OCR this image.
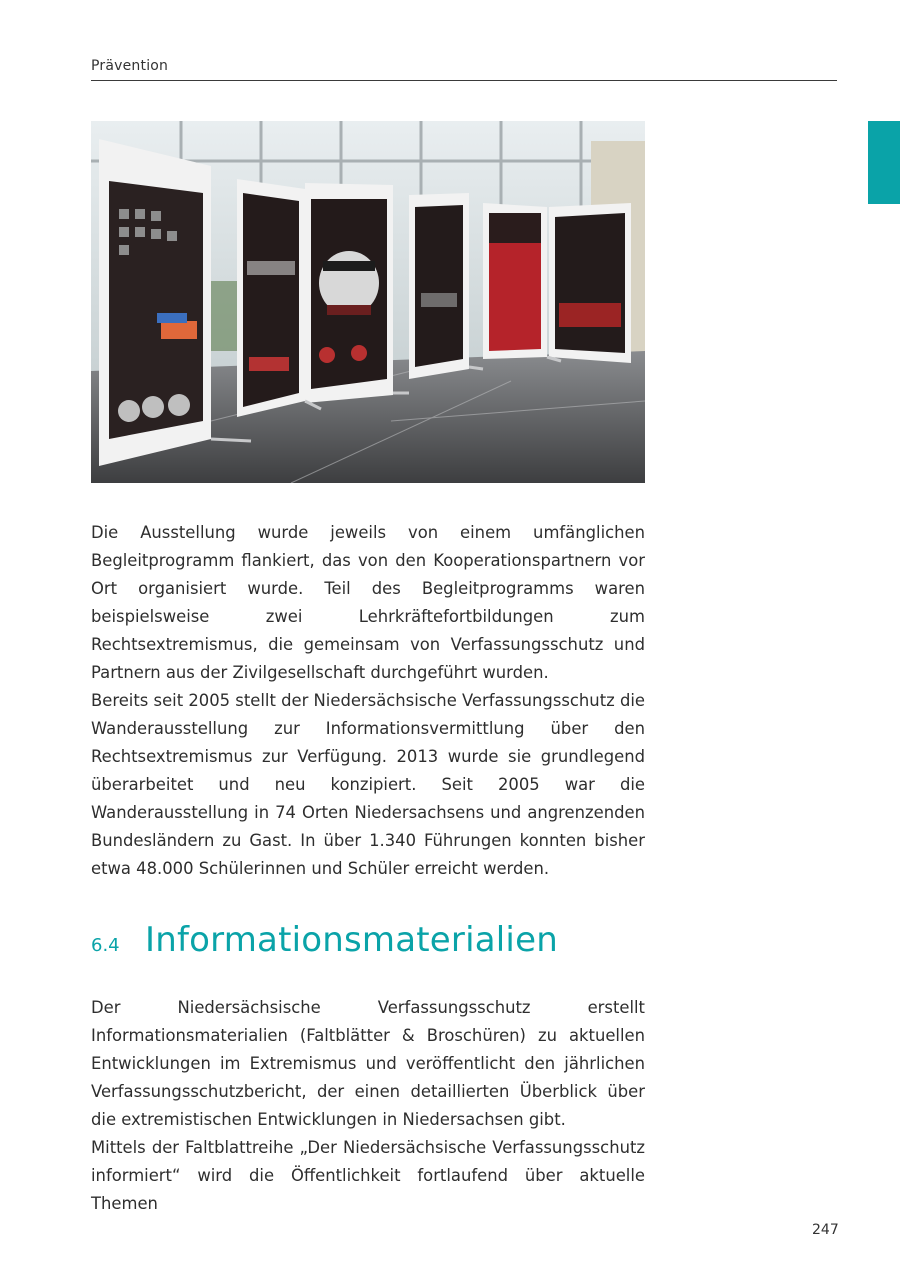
Prävention

Die Ausstellung wurde jeweils von einem umfänglichen Begleitprogramm flankiert, das von den Kooperationspartnern vor Ort organisiert wurde. Teil des Begleitprogramms waren beispielsweise zwei Lehrkräftefortbildungen zum Rechtsextremismus, die gemeinsam von Verfassungsschutz und Partnern aus der Zivilgesellschaft durchgeführt wurden.

Bereits seit 2005 stellt der Niedersächsische Verfassungsschutz die Wanderausstellung zur Informationsvermittlung über den Rechtsextremismus zur Verfügung. 2013 wurde sie grundlegend überarbeitet und neu konzipiert. Seit 2005 war die Wanderausstellung in 74 Orten Niedersachsens und angrenzenden Bundesländern zu Gast. In über 1.340 Führungen konnten bisher etwa 48.000 Schülerinnen und Schüler erreicht werden.

6.4 Informationsmaterialien

Der Niedersächsische Verfassungsschutz erstellt Informationsmaterialien (Faltblätter & Broschüren) zu aktuellen Entwicklungen im Extremismus und veröffentlicht den jährlichen Verfassungsschutzbericht, der einen detaillierten Überblick über die extremistischen Entwicklungen in Niedersachsen gibt.

Mittels der Faltblattreihe „Der Niedersächsische Verfassungsschutz informiert“ wird die Öffentlichkeit fortlaufend über aktuelle Themen

247
